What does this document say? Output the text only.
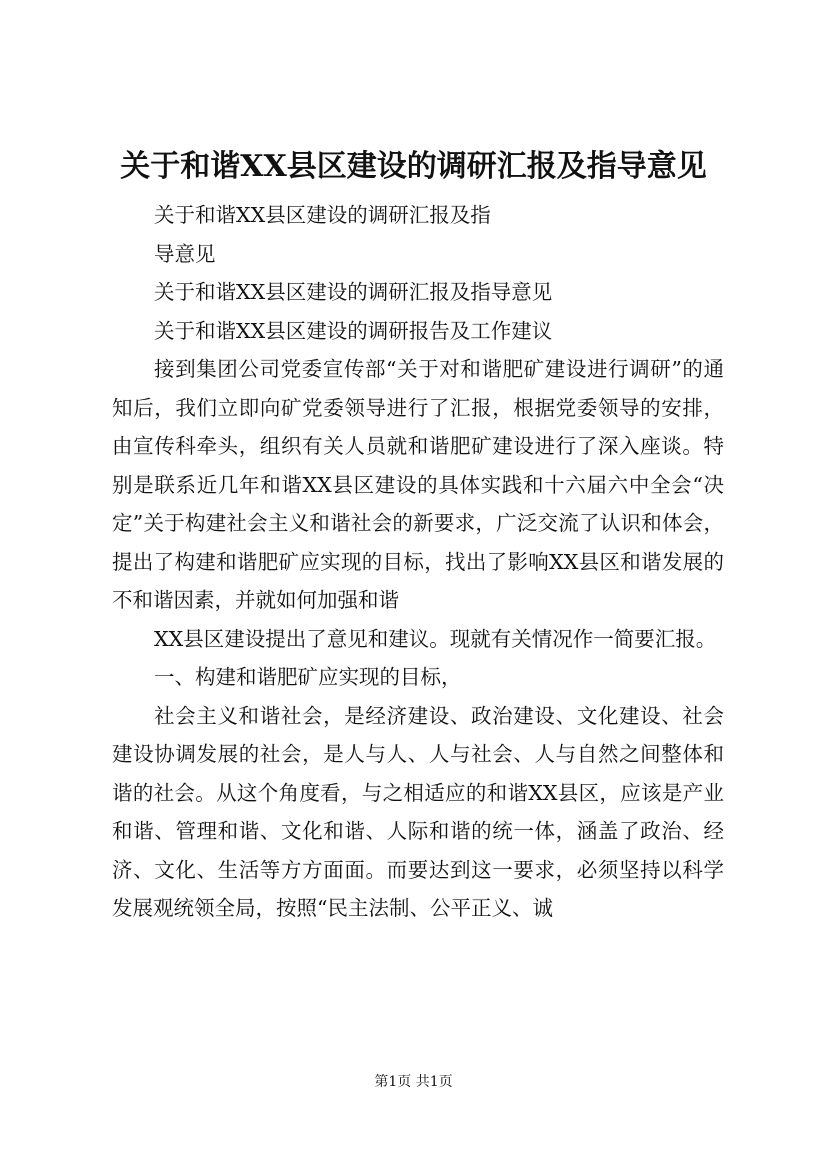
关于和谐XX县区建设的调研汇报及指导意见

关于和谐XX县区建设的调研汇报及指

导意见

关于和谐XX县区建设的调研汇报及指导意见

关于和谐XX县区建设的调研报告及工作建议

接到集团公司党委宣传部“关于对和谐肥矿建设进行调研”的通知后，我们立即向矿党委领导进行了汇报，根据党委领导的安排，由宣传科牵头，组织有关人员就和谐肥矿建设进行了深入座谈。特别是联系近几年和谐XX县区建设的具体实践和十六届六中全会“决定”关于构建社会主义和谐社会的新要求，广泛交流了认识和体会，提出了构建和谐肥矿应实现的目标，找出了影响XX县区和谐发展的不和谐因素，并就如何加强和谐

XX县区建设提出了意见和建议。现就有关情况作一简要汇报。

一、构建和谐肥矿应实现的目标，

社会主义和谐社会，是经济建设、政治建设、文化建设、社会建设协调发展的社会，是人与人、人与社会、人与自然之间整体和谐的社会。从这个角度看，与之相适应的和谐XX县区，应该是产业和谐、管理和谐、文化和谐、人际和谐的统一体，涵盖了政治、经济、文化、生活等方方面面。而要达到这一要求，必须坚持以科学发展观统领全局，按照“民主法制、公平正义、诚

第1页 共1页
